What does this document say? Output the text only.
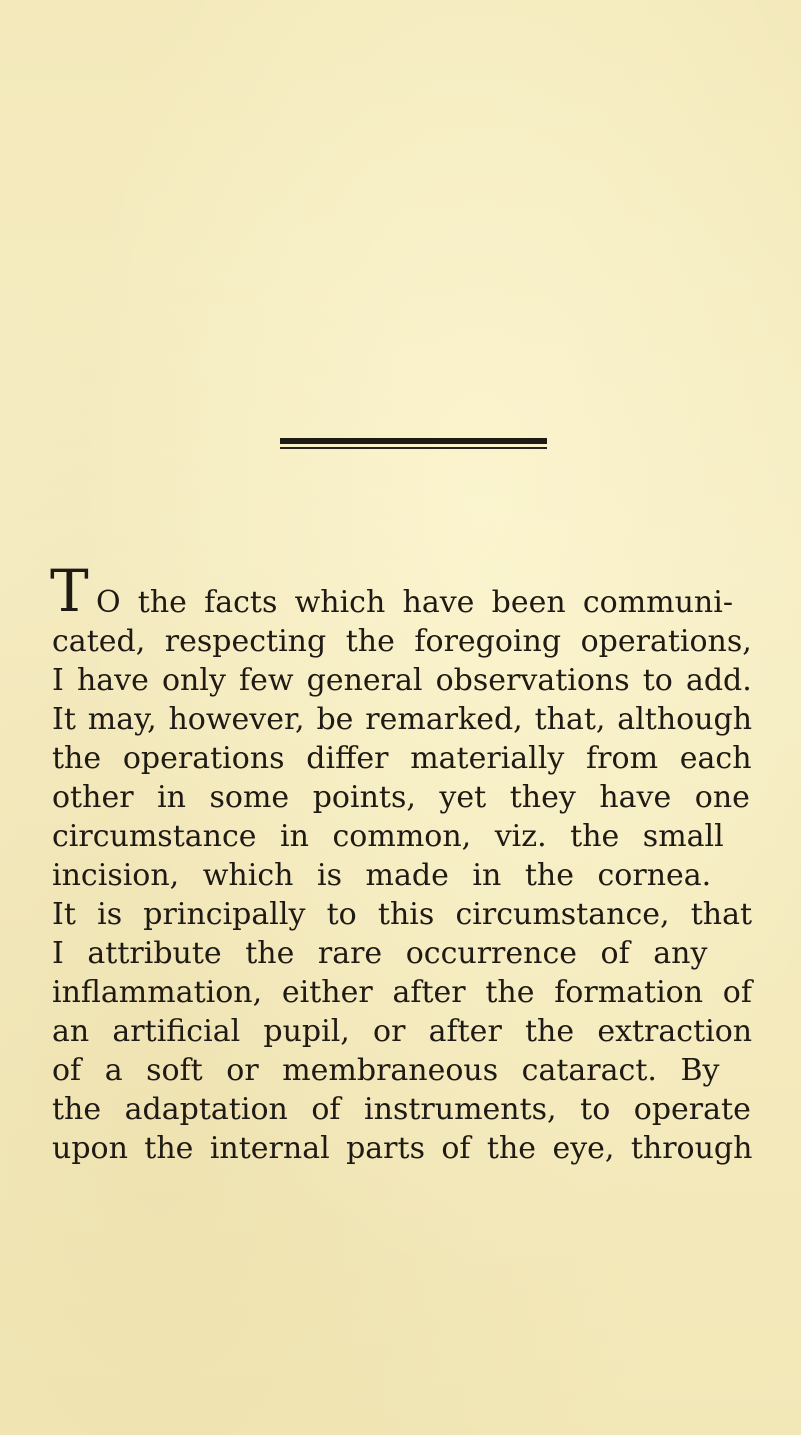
T O the facts which have been communi-
cated, respecting the foregoing operations,
I have only few general observations to add.
It may, however, be remarked, that, although
the operations differ materially from each
other in some points, yet they have one
circumstance in common, viz. the small
incision, which is made in the cornea.
It is principally to this circumstance, that
I attribute the rare occurrence of any
inflammation, either after the formation of
an artificial pupil, or after the extraction
of a soft or membraneous cataract. By
the adaptation of instruments, to operate
upon the internal parts of the eye, through
